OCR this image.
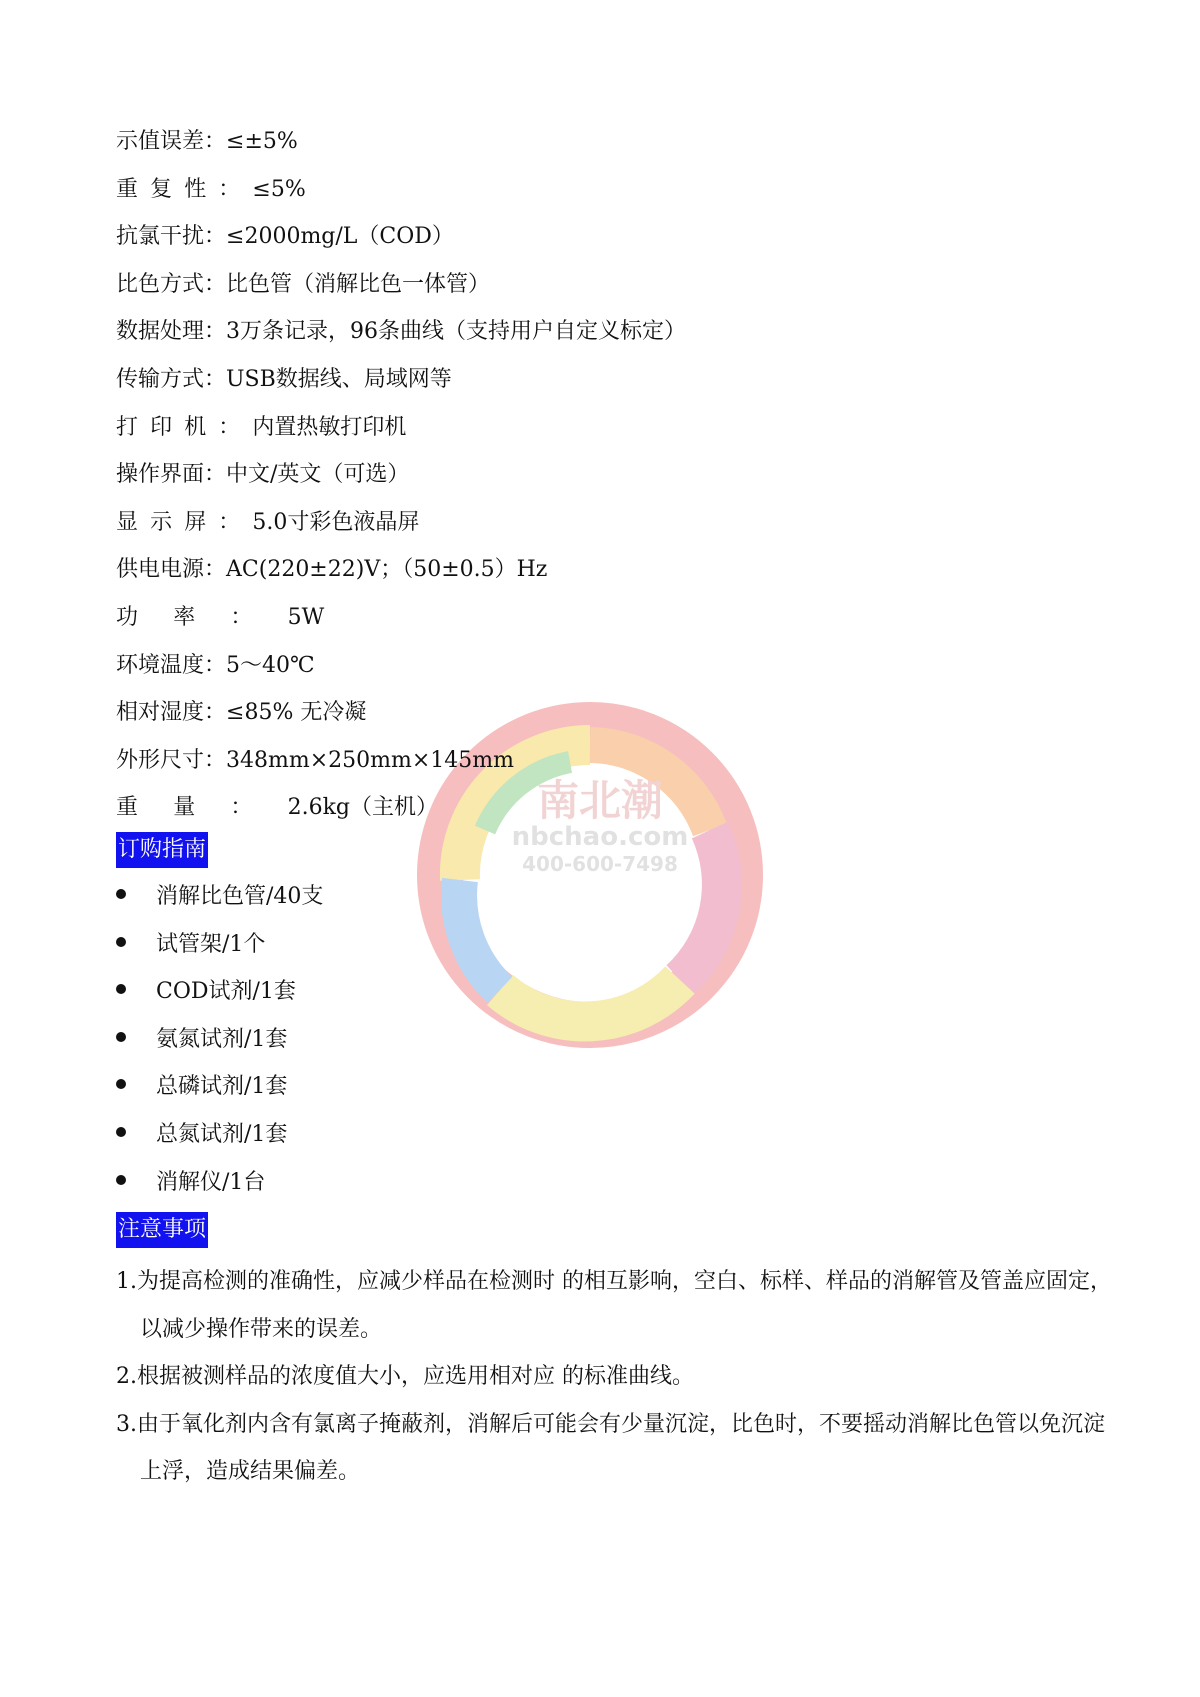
南北潮
nbchao.com
400-600-7498
示值误差：≤±5%
重复性：≤5%
抗氯干扰：≤2000mg/L（COD）
比色方式：比色管（消解比色一体管）
数据处理：3万条记录，96条曲线（支持用户自定义标定）
传输方式：USB数据线、局域网等
打印机：内置热敏打印机
操作界面：中文/英文（可选）
显示屏：5.0寸彩色液晶屏
供电电源：AC(220±22)V；（50±0.5）Hz
功率：5W
环境温度：5～40℃
相对湿度：≤85% 无冷凝
外形尺寸：348mm×250mm×145mm
重量：2.6kg（主机）
订购指南
消解比色管/40支
试管架/1个
COD试剂/1套
氨氮试剂/1套
总磷试剂/1套
总氮试剂/1套
消解仪/1台
注意事项
1.为提高检测的准确性，应减少样品在检测时 的相互影响，空白、标样、样品的消解管及管盖应固定，以减少操作带来的误差。
2.根据被测样品的浓度值大小，应选用相对应 的标准曲线。
3.由于氧化剂内含有氯离子掩蔽剂，消解后可能会有少量沉淀，比色时，不要摇动消解比色管以免沉淀上浮，造成结果偏差。
